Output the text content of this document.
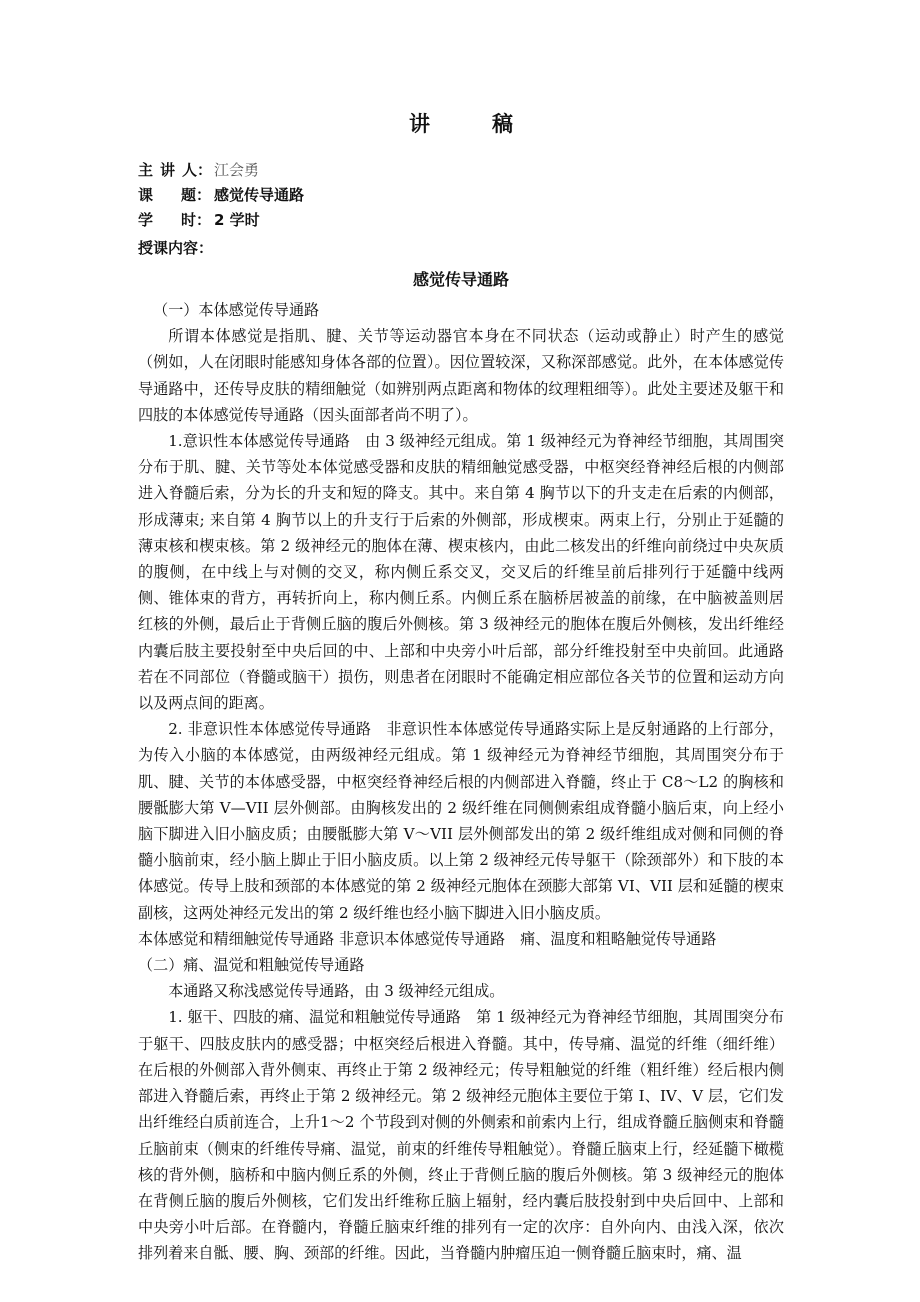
讲	稿
主 讲 人： 江会勇
课 题： 感觉传导通路
学 时： 2 学时
授课内容：
感觉传导通路

（一）本体感觉传导通路

所谓本体感觉是指肌、腱、关节等运动器官本身在不同状态（运动或静止）时产生的感觉（例如，人在闭眼时能感知身体各部的位置）。因位置较深，又称深部感觉。此外，在本体感觉传导通路中，还传导皮肤的精细触觉（如辨别两点距离和物体的纹理粗细等）。此处主要述及躯干和四肢的本体感觉传导通路（因头面部者尚不明了）。

1.意识性本体感觉传导通路　由 3 级神经元组成。第 1 级神经元为脊神经节细胞，其周围突分布于肌、腱、关节等处本体觉感受器和皮肤的精细触觉感受器，中枢突经脊神经后根的内侧部进入脊髓后索，分为长的升支和短的降支。其中。来自第 4 胸节以下的升支走在后索的内侧部，形成薄束; 来自第 4 胸节以上的升支行于后索的外侧部，形成楔束。两束上行，分别止于延髓的薄束核和楔束核。第 2 级神经元的胞体在薄、楔束核内，由此二核发出的纤维向前绕过中央灰质的腹侧，在中线上与对侧的交叉，称内侧丘系交叉，交叉后的纤维呈前后排列行于延髓中线两侧、锥体束的背方，再转折向上，称内侧丘系。内侧丘系在脑桥居被盖的前缘，在中脑被盖则居红核的外侧，最后止于背侧丘脑的腹后外侧核。第 3 级神经元的胞体在腹后外侧核，发出纤维经内囊后肢主要投射至中央后回的中、上部和中央旁小叶后部，部分纤维投射至中央前回。此通路若在不同部位（脊髓或脑干）损伤，则患者在闭眼时不能确定相应部位各关节的位置和运动方向以及两点间的距离。

2. 非意识性本体感觉传导通路　非意识性本体感觉传导通路实际上是反射通路的上行部分，为传入小脑的本体感觉，由两级神经元组成。第 1 级神经元为脊神经节细胞，其周围突分布于肌、腱、关节的本体感受器，中枢突经脊神经后根的内侧部进入脊髓，终止于 C8～L2 的胸核和腰骶膨大第 V—VII 层外侧部。由胸核发出的 2 级纤维在同侧侧索组成脊髓小脑后束，向上经小脑下脚进入旧小脑皮质；由腰骶膨大第 V～VII 层外侧部发出的第 2 级纤维组成对侧和同侧的脊髓小脑前束，经小脑上脚止于旧小脑皮质。以上第 2 级神经元传导躯干（除颈部外）和下肢的本体感觉。传导上肢和颈部的本体感觉的第 2 级神经元胞体在颈膨大部第 VI、VII 层和延髓的楔束副核，这两处神经元发出的第 2 级纤维也经小脑下脚进入旧小脑皮质。

本体感觉和精细触觉传导通路 非意识本体感觉传导通路　痛、温度和粗略触觉传导通路

（二）痛、温觉和粗触觉传导通路

本通路又称浅感觉传导通路，由 3 级神经元组成。

1. 躯干、四肢的痛、温觉和粗触觉传导通路　第 1 级神经元为脊神经节细胞，其周围突分布于躯干、四肢皮肤内的感受器；中枢突经后根进入脊髓。其中，传导痛、温觉的纤维（细纤维）在后根的外侧部入背外侧束、再终止于第 2 级神经元；传导粗触觉的纤维（粗纤维）经后根内侧部进入脊髓后索，再终止于第 2 级神经元。第 2 级神经元胞体主要位于第 I、IV、V 层，它们发出纤维经白质前连合，上升1～2 个节段到对侧的外侧索和前索内上行，组成脊髓丘脑侧束和脊髓丘脑前束（侧束的纤维传导痛、温觉，前束的纤维传导粗触觉）。脊髓丘脑束上行，经延髓下橄榄核的背外侧，脑桥和中脑内侧丘系的外侧，终止于背侧丘脑的腹后外侧核。第 3 级神经元的胞体在背侧丘脑的腹后外侧核，它们发出纤维称丘脑上辐射，经内囊后肢投射到中央后回中、上部和中央旁小叶后部。在脊髓内，脊髓丘脑束纤维的排列有一定的次序：自外向内、由浅入深，依次排列着来自骶、腰、胸、颈部的纤维。因此，当脊髓内肿瘤压迫一侧脊髓丘脑束时，痛、温
